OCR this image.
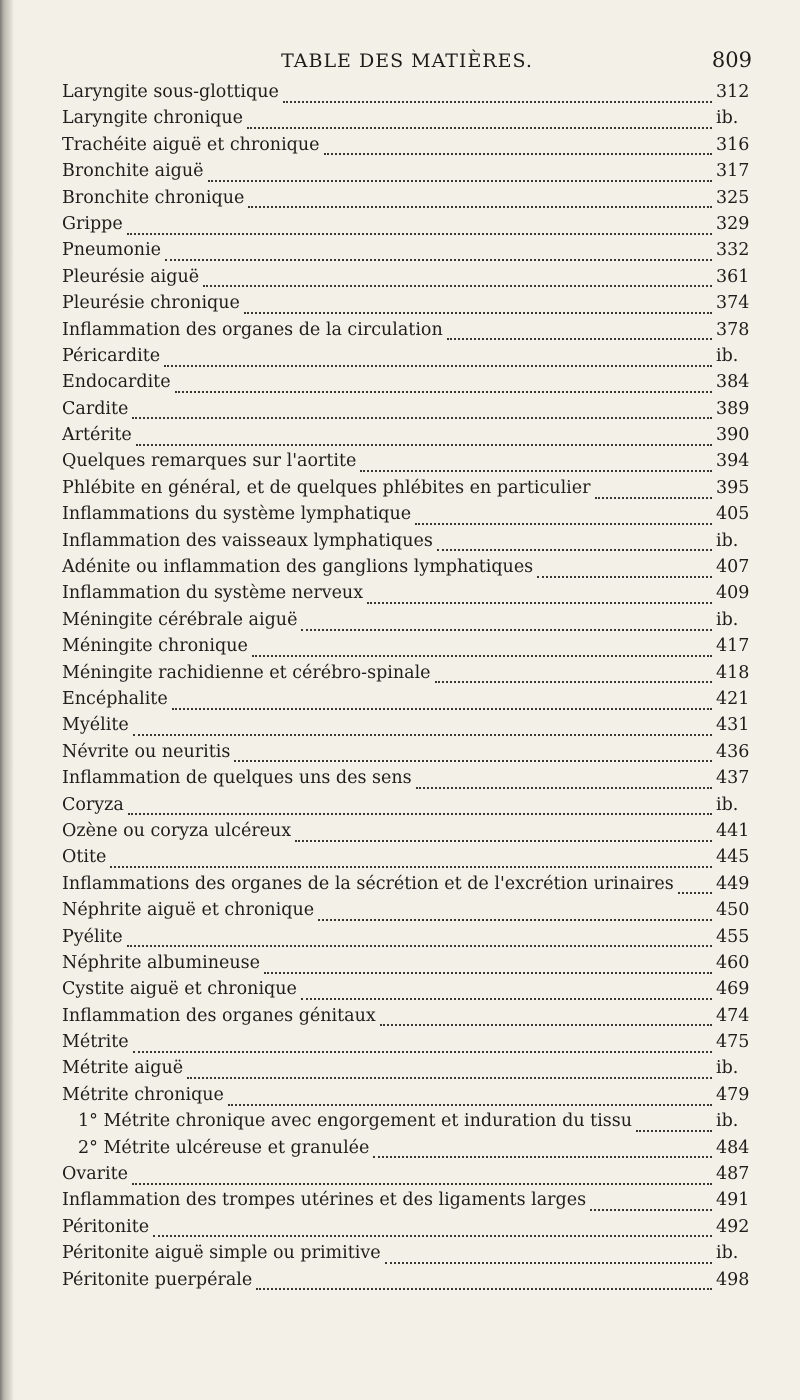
TABLE DES MATIÈRES.	809
Laryngite sous-glottique	312
Laryngite chronique	ib.
Trachéite aiguë et chronique	316
Bronchite aiguë	317
Bronchite chronique	325
Grippe	329
Pneumonie	332
Pleurésie aiguë	361
Pleurésie chronique	374
Inflammation des organes de la circulation	378
Péricardite	ib.
Endocardite	384
Cardite	389
Artérite	390
Quelques remarques sur l'aortite	394
Phlébite en général, et de quelques phlébites en particulier	395
Inflammations du système lymphatique	405
Inflammation des vaisseaux lymphatiques	ib.
Adénite ou inflammation des ganglions lymphatiques	407
Inflammation du système nerveux	409
Méningite cérébrale aiguë	ib.
Méningite chronique	417
Méningite rachidienne et cérébro-spinale	418
Encéphalite	421
Myélite	431
Névrite ou neuritis	436
Inflammation de quelques uns des sens	437
Coryza	ib.
Ozène ou coryza ulcéreux	441
Otite	445
Inflammations des organes de la sécrétion et de l'excrétion urinaires 449
Néphrite aiguë et chronique	450
Pyélite	455
Néphrite albumineuse	460
Cystite aiguë et chronique	469
Inflammation des organes génitaux	474
Métrite	475
Métrite aiguë	ib.
Métrite chronique	479
1° Métrite chronique avec engorgement et induration du tissu	ib.
2° Métrite ulcéreuse et granulée	484
Ovarite	487
Inflammation des trompes utérines et des ligaments larges	491
Péritonite	492
Péritonite aiguë simple ou primitive	ib.
Péritonite puerpérale	498
